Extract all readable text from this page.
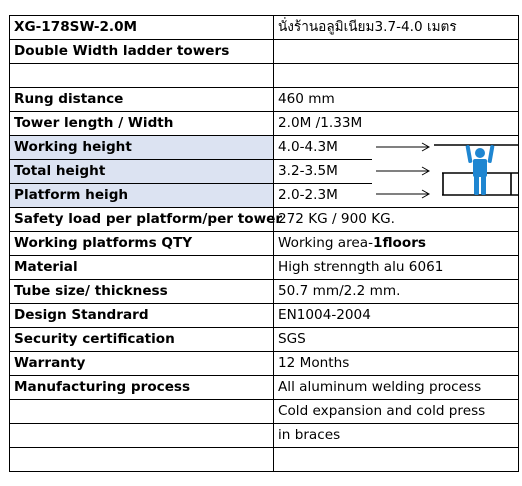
XG-178SW-2.0M	นั่งร้านอลูมิเนียม3.7-4.0 เมตร
Double Width ladder towers	

Rung distance	460 mm
Tower length / Width	2.0M /1.33M
Working height	4.0-4.3M
Total height	3.2-3.5M
Platform heigh	2.0-2.3M
Safety load per platform/per tower	272 KG / 900 KG.
Working platforms QTY	Working area-1floors
Material	High strenngth alu 6061
Tube size/ thickness	50.7 mm/2.2 mm.
Design Standrard	EN1004-2004
Security certification	SGS
Warranty	12 Months
Manufacturing process	All aluminum welding process
	Cold expansion and cold press
	in braces
